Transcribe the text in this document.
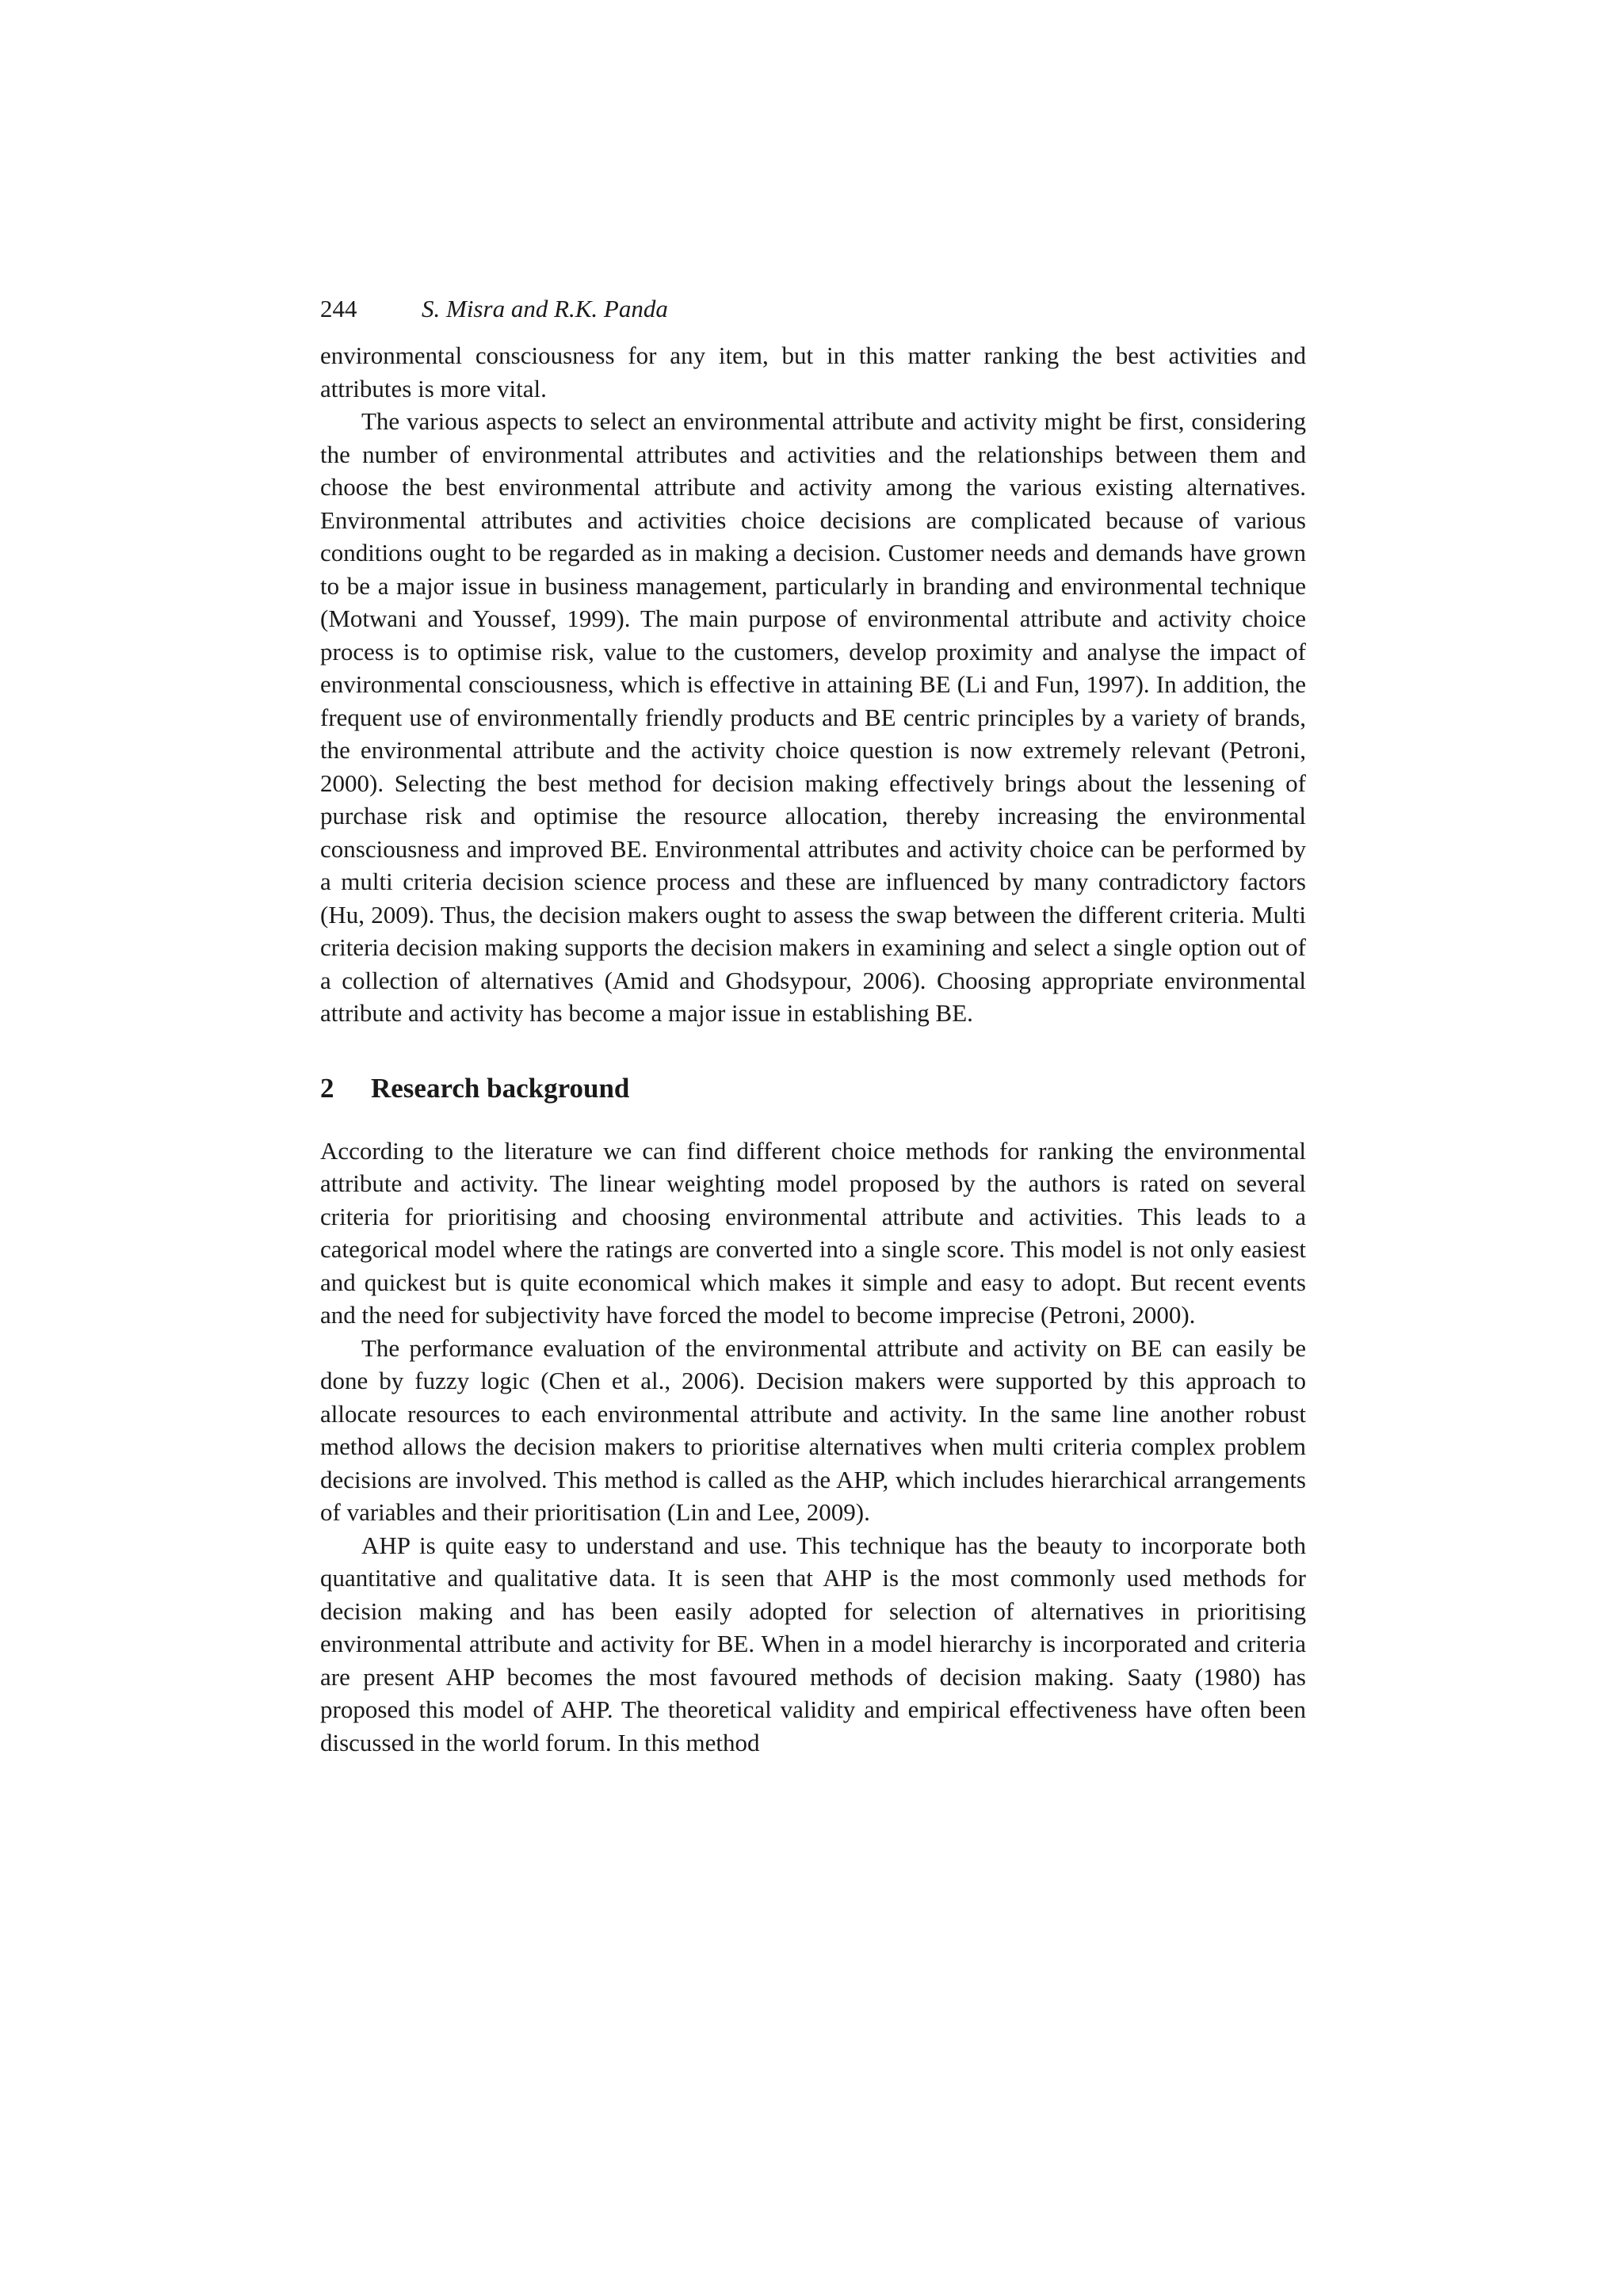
244	S. Misra and R.K. Panda

environmental consciousness for any item, but in this matter ranking the best activities and attributes is more vital.

The various aspects to select an environmental attribute and activity might be first, considering the number of environmental attributes and activities and the relationships between them and choose the best environmental attribute and activity among the various existing alternatives. Environmental attributes and activities choice decisions are complicated because of various conditions ought to be regarded as in making a decision. Customer needs and demands have grown to be a major issue in business management, particularly in branding and environmental technique (Motwani and Youssef, 1999). The main purpose of environmental attribute and activity choice process is to optimise risk, value to the customers, develop proximity and analyse the impact of environmental consciousness, which is effective in attaining BE (Li and Fun, 1997). In addition, the frequent use of environmentally friendly products and BE centric principles by a variety of brands, the environmental attribute and the activity choice question is now extremely relevant (Petroni, 2000). Selecting the best method for decision making effectively brings about the lessening of purchase risk and optimise the resource allocation, thereby increasing the environmental consciousness and improved BE. Environmental attributes and activity choice can be performed by a multi criteria decision science process and these are influenced by many contradictory factors (Hu, 2009). Thus, the decision makers ought to assess the swap between the different criteria. Multi criteria decision making supports the decision makers in examining and select a single option out of a collection of alternatives (Amid and Ghodsypour, 2006). Choosing appropriate environmental attribute and activity has become a major issue in establishing BE.

2 Research background

According to the literature we can find different choice methods for ranking the environmental attribute and activity. The linear weighting model proposed by the authors is rated on several criteria for prioritising and choosing environmental attribute and activities. This leads to a categorical model where the ratings are converted into a single score. This model is not only easiest and quickest but is quite economical which makes it simple and easy to adopt. But recent events and the need for subjectivity have forced the model to become imprecise (Petroni, 2000).

The performance evaluation of the environmental attribute and activity on BE can easily be done by fuzzy logic (Chen et al., 2006). Decision makers were supported by this approach to allocate resources to each environmental attribute and activity. In the same line another robust method allows the decision makers to prioritise alternatives when multi criteria complex problem decisions are involved. This method is called as the AHP, which includes hierarchical arrangements of variables and their prioritisation (Lin and Lee, 2009).

AHP is quite easy to understand and use. This technique has the beauty to incorporate both quantitative and qualitative data. It is seen that AHP is the most commonly used methods for decision making and has been easily adopted for selection of alternatives in prioritising environmental attribute and activity for BE. When in a model hierarchy is incorporated and criteria are present AHP becomes the most favoured methods of decision making. Saaty (1980) has proposed this model of AHP. The theoretical validity and empirical effectiveness have often been discussed in the world forum. In this method
